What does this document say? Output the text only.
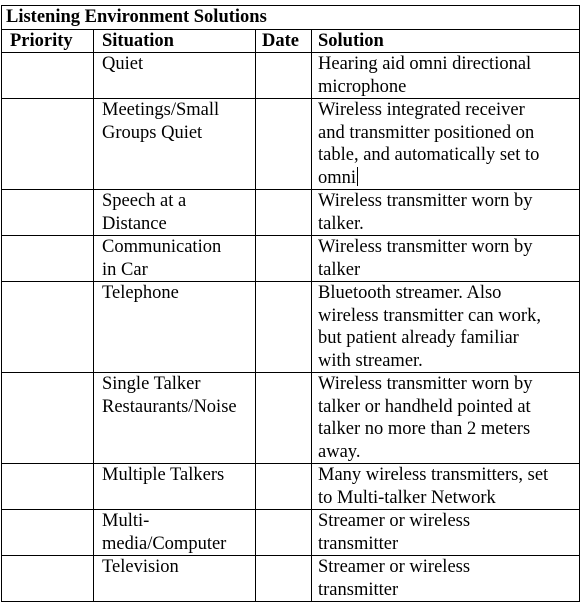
Listening Environment Solutions			
Priority	Situation	Date	Solution

	Quiet		Hearing aid omni directional
microphone

	Meetings/Small
Groups Quiet		Wireless integrated receiver
and transmitter positioned on
table, and automatically set to
omni

	Speech at a
Distance		Wireless transmitter worn by
talker.

	Communication
in Car		Wireless transmitter worn by
talker

	Telephone		Bluetooth streamer. Also
wireless transmitter can work,
but patient already familiar
with streamer.

	Single Talker
Restaurants/Noise		Wireless transmitter worn by
talker or handheld pointed at
talker no more than 2 meters
away.

	Multiple Talkers		Many wireless transmitters, set
to Multi-talker Network

	Multi-
media/Computer		Streamer or wireless
transmitter

	Television		Streamer or wireless
transmitter
